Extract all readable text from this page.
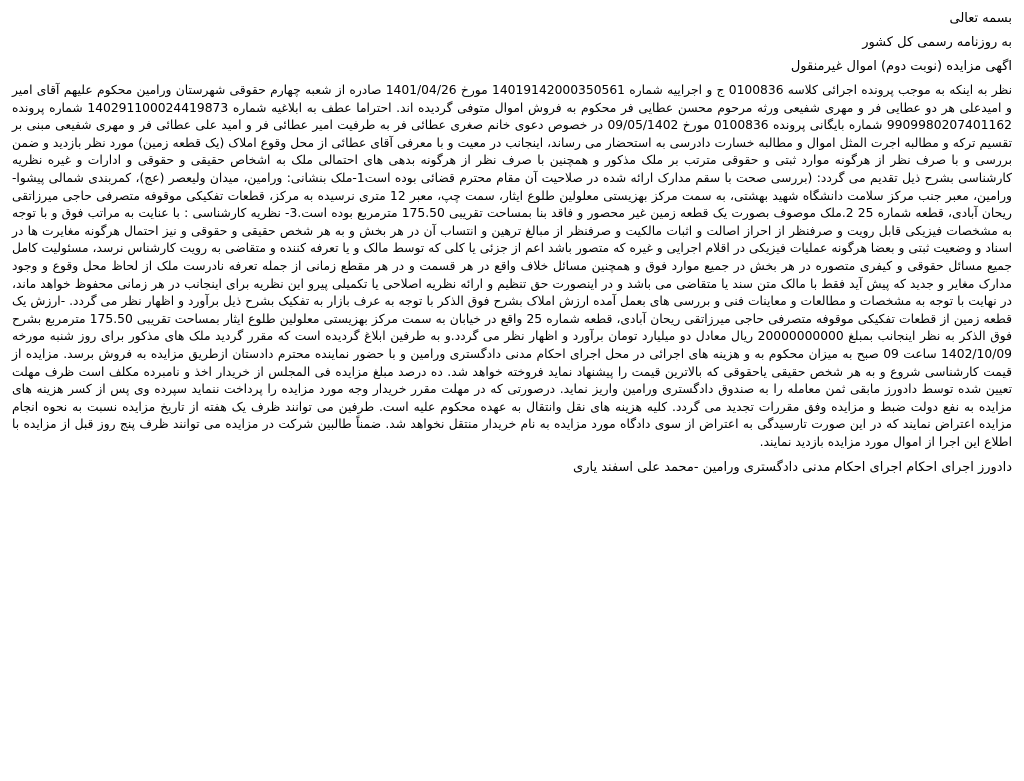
بسمه تعالی
به روزنامه رسمی کل کشور
اگهی مزایده (نوبت دوم) اموال غیرمنقول

نظر به اینکه به موجب پرونده اجرائی کلاسه 0100836 ج و اجراییه شماره 14019142000350561 مورخ 1401/04/26 صادره از شعبه چهارم حقوقی شهرستان ورامین محکوم علیهم آقای امیر و امیدعلی هر دو عطایی فر و مهری شفیعی ورثه مرحوم محسن عطایی فر محکوم به فروش اموال متوفی گردیده اند. احتراما عطف به ابلاغیه شماره 140291100024419873 شماره پرونده 9909980207401162 شماره بایگانی پرونده 0100836 مورخ 09/05/1402 در خصوص دعوی خانم صغری عطائی فر به طرفیت امیر عطائی فر و امید علی عطائی فر و مهری شفیعی مبنی بر تقسیم ترکه و مطالبه اجرت المثل اموال و مطالبه خسارت دادرسی به استحضار می رساند، اینجانب در معیت و با معرفی آقای عطائی از محل وقوع املاک (یک قطعه زمین) مورد نظر بازدید و ضمن بررسی و با صرف نظر از هرگونه موارد ثبتی و حقوقی مترتب بر ملک مذکور و همچنین با صرف نظر از هرگونه بدهی های احتمالی ملک به اشخاص حقیقی و حقوقی و ادارات و غیره نظریه کارشناسی بشرح ذیل تقدیم می گردد: (بررسی صحت با سقم مدارک ارائه شده در صلاحیت آن مقام محترم قضائی بوده است1-ملک بنشانی: ورامین، میدان ولیعصر (عج)، کمربندی شمالی پیشوا-ورامین، معبر جنب مرکز سلامت دانشگاه شهید بهشتی، به سمت مرکز بهزیستی معلولین طلوع ایثار، سمت چپ، معبر 12 متری نرسیده به مرکز، قطعات تفکیکی موقوفه متصرفی حاجی میرزاتقی ریحان آبادی، قطعه شماره 25 2.ملک موصوف بصورت یک قطعه زمین غیر محصور و فاقد بنا بمساحت تقریبی 175.50 مترمربع بوده است.3- نظریه کارشناسی : با عنایت به مراتب فوق و با توجه به مشخصات فیزیکی قابل رویت و صرفنظر از احراز اصالت و اثبات مالکیت و صرفنظر از مبالغ ترهین و انتساب آن در هر بخش و به هر شخص حقیقی و حقوقی و نیز احتمال هرگونه مغایرت ها در اسناد و وضعیت ثبتی و بعضا هرگونه عملیات فیزیکی در اقلام اجرایی و غیره که متصور باشد اعم از جزئی یا کلی که توسط مالک و یا تعرفه کننده و متقاضی به رویت کارشناس نرسد، مسئولیت کامل جمیع مسائل حقوقی و کیفری متصوره در هر بخش در جمیع موارد فوق و همچنین مسائل خلاف واقع در هر قسمت و در هر مقطع زمانی از جمله تعرفه نادرست ملک از لحاظ محل وقوع و وجود مدارک مغایر و جدید که پیش آید فقط با مالک متن سند یا متقاضی می باشد و در اینصورت حق تنظیم و ارائه نظریه اصلاحی یا تکمیلی پیرو این نظریه برای اینجانب در هر زمانی محفوظ خواهد ماند، در نهایت با توجه به مشخصات و مطالعات و معاینات فنی و بررسی های بعمل آمده ارزش املاک بشرح فوق الذکر با توجه به عرف بازار به تفکیک بشرح ذیل برآورد و اظهار نظر می گردد. -ارزش یک قطعه زمین از قطعات تفکیکی موقوفه متصرفی حاجی میرزاتقی ریحان آبادی، قطعه شماره 25 واقع در خیابان به سمت مرکز بهزیستی معلولین طلوع ایثار بمساحت تقریبی 175.50 مترمربع بشرح فوق الذکر به نظر اینجانب بمبلغ 20000000000 ریال معادل دو میلیارد تومان برآورد و اظهار نظر می گردد.و به طرفین ابلاغ گردیده است که مقرر گردید ملک های مذکور برای روز شنبه مورخه 1402/10/09 ساعت 09 صبح به میزان محکوم به و هزینه های اجرائی در محل اجرای احکام مدنی دادگستری ورامین و با حضور نماینده محترم دادستان ازطریق مزایده به فروش برسد. مزایده از قیمت کارشناسی شروع و به هر شخص حقیقی یاحقوقی که بالاترین قیمت را پیشنهاد نماید فروخته خواهد شد. ده درصد مبلغ مزایده فی المجلس از خریدار اخذ و نامبرده مکلف است ظرف مهلت تعیین شده توسط دادورز مابقی ثمن معامله را به صندوق دادگستری ورامین واریز نماید. درصورتی که در مهلت مقرر خریدار وجه مورد مزایده را پرداخت ننماید سپرده وی پس از کسر هزینه های مزایده به نفع دولت ضبط و مزایده وفق مقررات تجدید می گردد. کلیه هزینه های نقل وانتقال به عهده محکوم علیه است. طرفین می توانند ظرف یک هفته از تاریخ مزایده نسبت به نحوه انجام مزایده اعتراض نمایند که در این صورت تارسیدگی به اعتراض از سوی دادگاه مورد مزایده به نام خریدار منتقل نخواهد شد. ضمناً طالبین شرکت در مزایده می توانند ظرف پنج روز قبل از مزایده با اطلاع این اجرا از اموال مورد مزایده بازدید نمایند.

دادورز اجرای احکام اجرای احکام مدنی دادگستری ورامین -محمد علی اسفند یاری
